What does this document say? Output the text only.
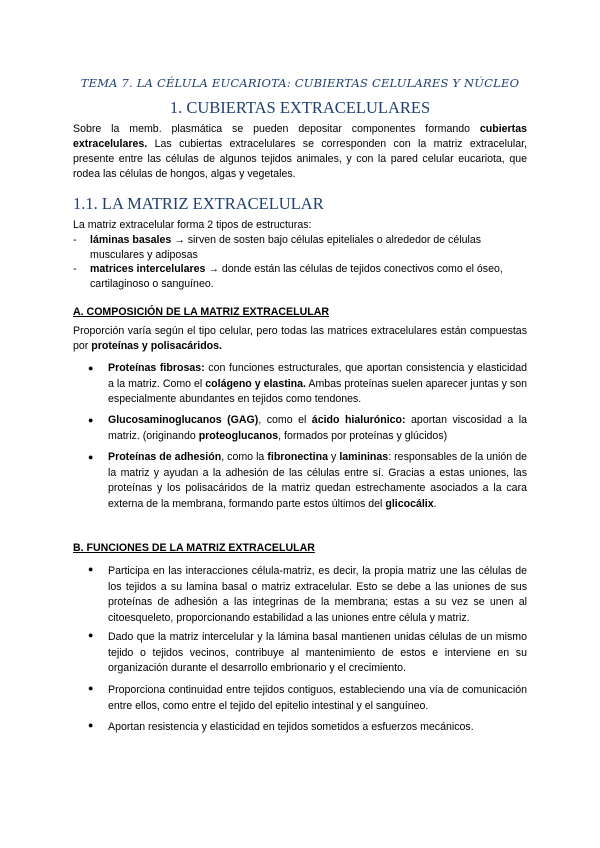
TEMA 7. LA CÉLULA EUCARIOTA: CUBIERTAS CELULARES Y NÚCLEO
1. CUBIERTAS EXTRACELULARES
Sobre la memb. plasmática se pueden depositar componentes formando cubiertas extracelulares. Las cubiertas extracelulares se corresponden con la matriz extracelular, presente entre las células de algunos tejidos animales, y con la pared celular eucariota, que rodea las células de hongos, algas y vegetales.
1.1. LA MATRIZ EXTRACELULAR
La matriz extracelular forma 2 tipos de estructuras:
- láminas basales → sirven de sosten bajo células epiteliales o alrededor de células musculares y adiposas
- matrices intercelulares → donde están las células de tejidos conectivos como el óseo, cartilaginoso o sanguíneo.
A. COMPOSICIÓN DE LA MATRIZ EXTRACELULAR
Proporción varía según el tipo celular, pero todas las matrices extracelulares están compuestas por proteínas y polisacáridos.
● Proteínas fibrosas: con funciones estructurales, que aportan consistencia y elasticidad a la matriz. Como el colágeno y elastina. Ambas proteínas suelen aparecer juntas y son especialmente abundantes en tejidos como tendones.
● Glucosaminoglucanos (GAG), como el ácido hialurónico: aportan viscosidad a la matriz. (originando proteoglucanos, formados por proteínas y glúcidos)
● Proteínas de adhesión, como la fibronectina y lamininas: responsables de la unión de la matriz y ayudan a la adhesión de las células entre sí. Gracias a estas uniones, las proteínas y los polisacáridos de la matriz quedan estrechamente asociados a la cara externa de la membrana, formando parte estos últimos del glicocálix.
B. FUNCIONES DE LA MATRIZ EXTRACELULAR
Participa en las interacciones célula-matriz, es decir, la propia matriz une las células de los tejidos a su lamina basal o matriz extracelular. Esto se debe a las uniones de sus proteínas de adhesión a las integrinas de la membrana; estas a su vez se unen al citoesqueleto, proporcionando estabilidad a las uniones entre célula y matriz.
●
Dado que la matriz intercelular y la lámina basal mantienen unidas células de un mismo tejido o tejidos vecinos, contribuye al mantenimiento de estos e interviene en su organización durante el desarrollo embrionario y el crecimiento.
●
Proporciona continuidad entre tejidos contiguos, estableciendo una vía de comunicación entre ellos, como entre el tejido del epitelio intestinal y el sanguíneo.
●
Aportan resistencia y elasticidad en tejidos sometidos a esfuerzos mecánicos.
●
